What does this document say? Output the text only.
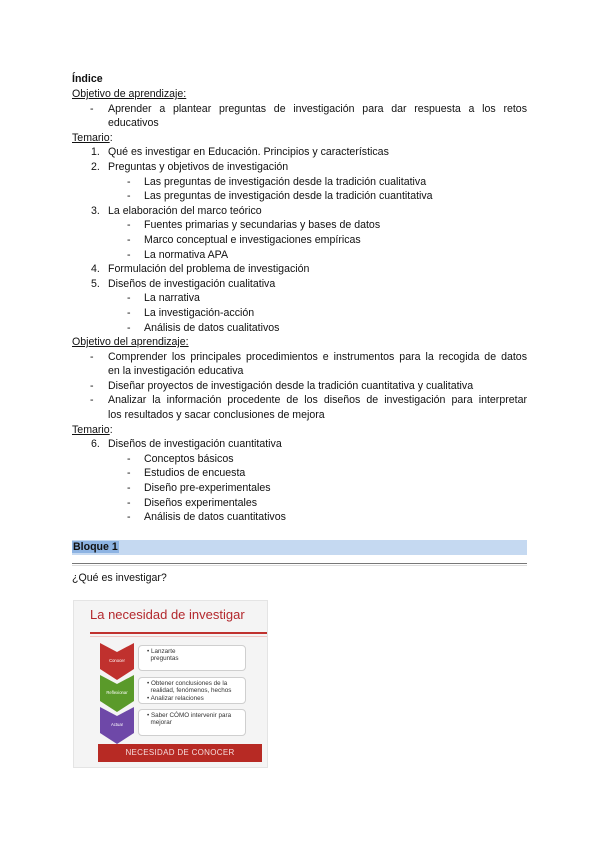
Índice
Objetivo de aprendizaje:
-	Aprender a plantear preguntas de investigación para dar respuesta a los retos
educativos
Temario:
1. Qué es investigar en Educación. Principios y características
2. Preguntas y objetivos de investigación
-	Las preguntas de investigación desde la tradición cualitativa
-	Las preguntas de investigación desde la tradición cuantitativa
3. La elaboración del marco teórico
-	Fuentes primarias y secundarias y bases de datos
-	Marco conceptual e investigaciones empíricas
-	La normativa APA
4. Formulación del problema de investigación
5. Diseños de investigación cualitativa
-	La narrativa
-	La investigación-acción
-	Análisis de datos cualitativos
Objetivo del aprendizaje:
-	Comprender los principales procedimientos e instrumentos para la recogida de datos
en la investigación educativa
-	Diseñar proyectos de investigación desde la tradición cuantitativa y cualitativa
-	Analizar la información procedente de los diseños de investigación para interpretar
los resultados y sacar conclusiones de mejora
Temario:
6. Diseños de investigación cuantitativa
-	Conceptos básicos
-	Estudios de encuesta
-	Diseño pre-experimentales
-	Diseños experimentales
-	Análisis de datos cuantitativos
Bloque 1
¿Qué es investigar?
La necesidad de investigar
Conocer
• Lanzarte
preguntas
Reflexionar
• Obtener conclusiones de la
realidad, fenómenos, hechos
• Analizar relaciones
Actuar
• Saber CÓMO intervenir para
mejorar
NECESIDAD DE CONOCER
